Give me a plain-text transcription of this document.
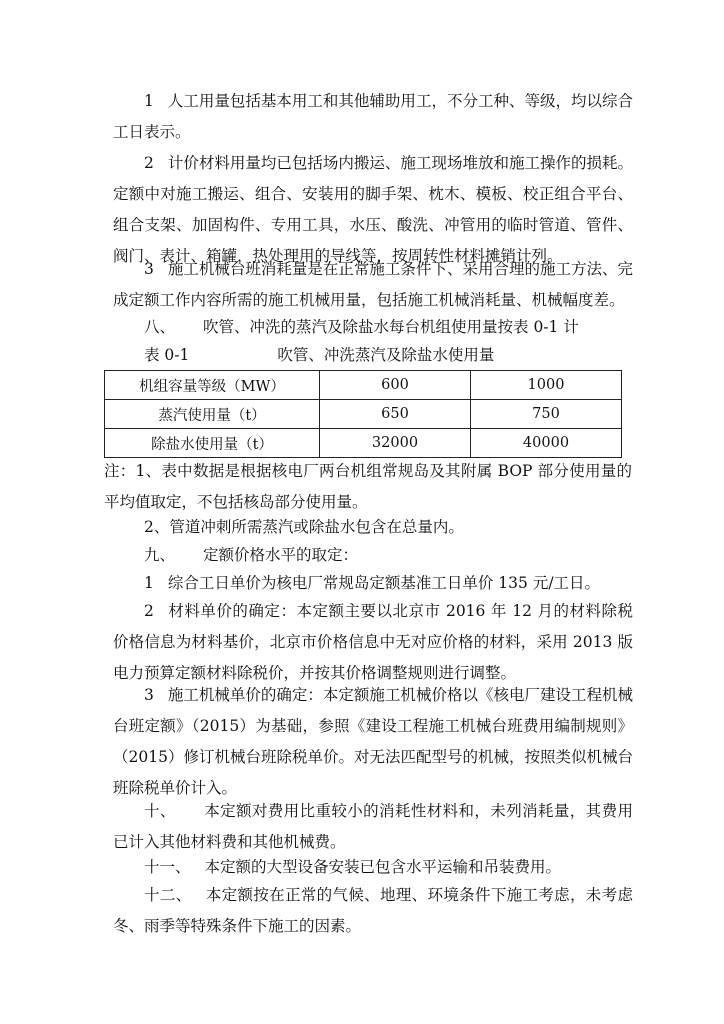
1 人工用量包括基本用工和其他辅助用工，不分工种、等级，均以综合工日表示。
2 计价材料用量均已包括场内搬运、施工现场堆放和施工操作的损耗。定额中对施工搬运、组合、安装用的脚手架、枕木、模板、校正组合平台、组合支架、加固构件、专用工具，水压、酸洗、冲管用的临时管道、管件、阀门、表计、箱罐，热处理用的导线等，按周转性材料摊销计列。
3 施工机械台班消耗量是在正常施工条件下、采用合理的施工方法、完成定额工作内容所需的施工机械用量，包括施工机械消耗量、机械幅度差。
八、 吹管、冲洗的蒸汽及除盐水每台机组使用量按表 0-1 计
表 0-1	吹管、冲洗蒸汽及除盐水使用量
机组容量等级（MW）	600	1000
蒸汽使用量（t）	650	750
除盐水使用量（t）	32000	40000
注：1、表中数据是根据核电厂两台机组常规岛及其附属 BOP 部分使用量的平均值取定，不包括核岛部分使用量。
2、管道冲刺所需蒸汽或除盐水包含在总量内。
九、 定额价格水平的取定：
1 综合工日单价为核电厂常规岛定额基准工日单价 135 元/工日。
2 材料单价的确定：本定额主要以北京市 2016 年 12 月的材料除税价格信息为材料基价，北京市价格信息中无对应价格的材料，采用 2013 版电力预算定额材料除税价，并按其价格调整规则进行调整。
3 施工机械单价的确定：本定额施工机械价格以《核电厂建设工程机械台班定额》（2015）为基础，参照《建设工程施工机械台班费用编制规则》（2015）修订机械台班除税单价。对无法匹配型号的机械，按照类似机械台班除税单价计入。
十、 本定额对费用比重较小的消耗性材料和，未列消耗量，其费用已计入其他材料费和其他机械费。
十一、 本定额的大型设备安装已包含水平运输和吊装费用。
十二、 本定额按在正常的气候、地理、环境条件下施工考虑，未考虑冬、雨季等特殊条件下施工的因素。
